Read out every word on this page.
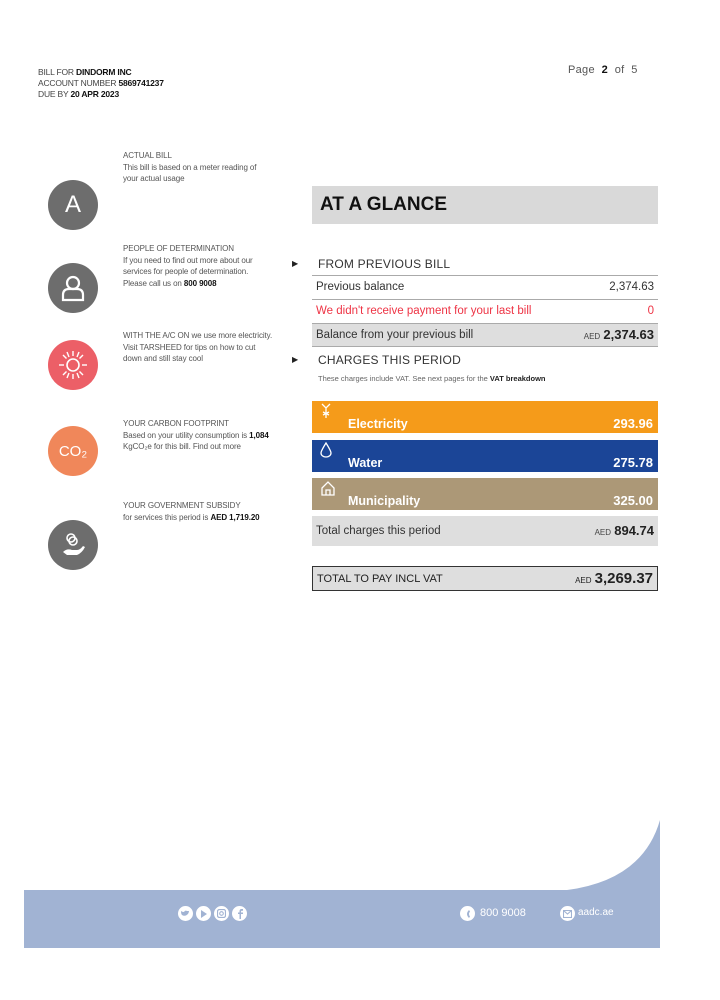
BILL FOR DINDORM INC
ACCOUNT NUMBER 5869741237
DUE BY 20 APR 2023
Page 2 of 5
A
ACTUAL BILL
This bill is based on a meter reading of your actual usage
PEOPLE OF DETERMINATION
If you need to find out more about our services for people of determination. Please call us on 800 9008
WITH THE A/C ON we use more electricity. Visit TARSHEED for tips on how to cut down and still stay cool
CO₂
YOUR CARBON FOOTPRINT
Based on your utility consumption is 1,084 KgCO₂e for this bill. Find out more
YOUR GOVERNMENT SUBSIDY
for services this period is AED 1,719.20
AT A GLANCE
▶ FROM PREVIOUS BILL
Previous balance	2,374.63
We didn't receive payment for your last bill	0
Balance from your previous bill	AED 2,374.63
▶ CHARGES THIS PERIOD
These charges include VAT. See next pages for the VAT breakdown
Electricity	293.96
Water	275.78
Municipality	325.00
Total charges this period	AED 894.74
TOTAL TO PAY INCL VAT	AED 3,269.37
800 9008	aadc.ae
